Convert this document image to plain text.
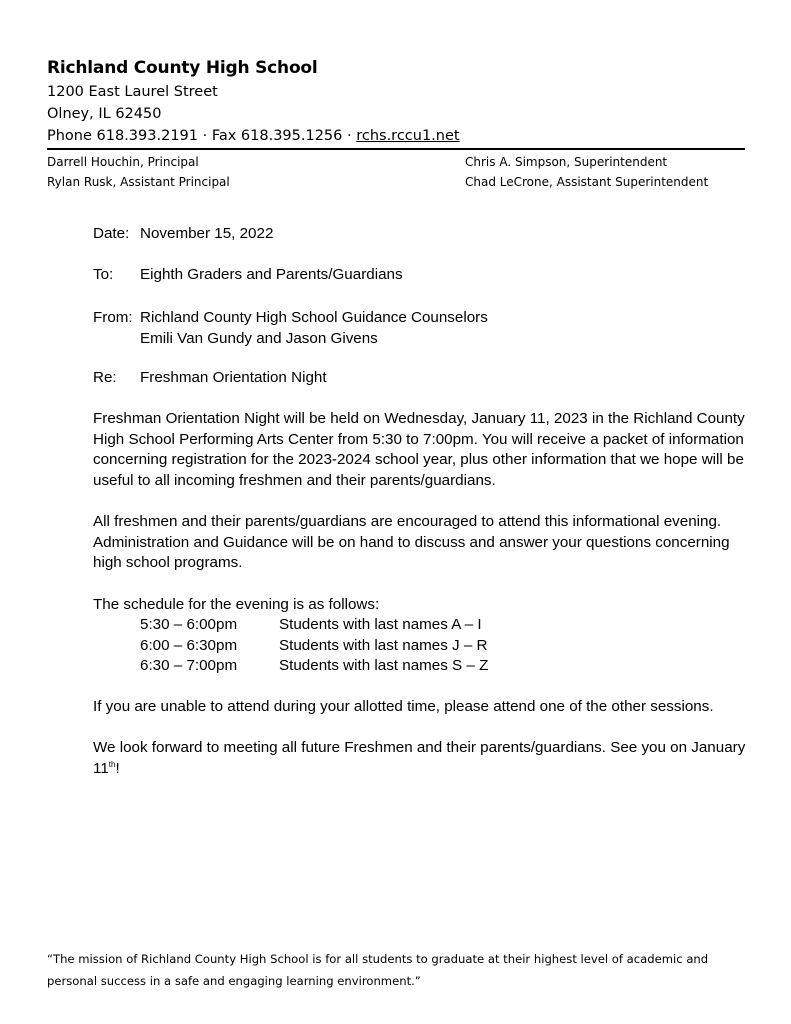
Richland County High School
1200 East Laurel Street
Olney, IL 62450
Phone 618.393.2191 · Fax 618.395.1256 · rchs.rccu1.net
Darrell Houchin, Principal
Rylan Rusk, Assistant Principal
Chris A. Simpson, Superintendent
Chad LeCrone, Assistant Superintendent
Date: November 15, 2022
To: Eighth Graders and Parents/Guardians
From: Richland County High School Guidance Counselors
Emili Van Gundy and Jason Givens
Re: Freshman Orientation Night
Freshman Orientation Night will be held on Wednesday, January 11, 2023 in the Richland County High School Performing Arts Center from 5:30 to 7:00pm. You will receive a packet of information concerning registration for the 2023-2024 school year, plus other information that we hope will be useful to all incoming freshmen and their parents/guardians.
All freshmen and their parents/guardians are encouraged to attend this informational evening. Administration and Guidance will be on hand to discuss and answer your questions concerning high school programs.
The schedule for the evening is as follows:
5:30 – 6:00pm	Students with last names A – I
6:00 – 6:30pm	Students with last names J – R
6:30 – 7:00pm	Students with last names S – Z
If you are unable to attend during your allotted time, please attend one of the other sessions.
We look forward to meeting all future Freshmen and their parents/guardians. See you on January 11th!
“The mission of Richland County High School is for all students to graduate at their highest level of academic and personal success in a safe and engaging learning environment.”
